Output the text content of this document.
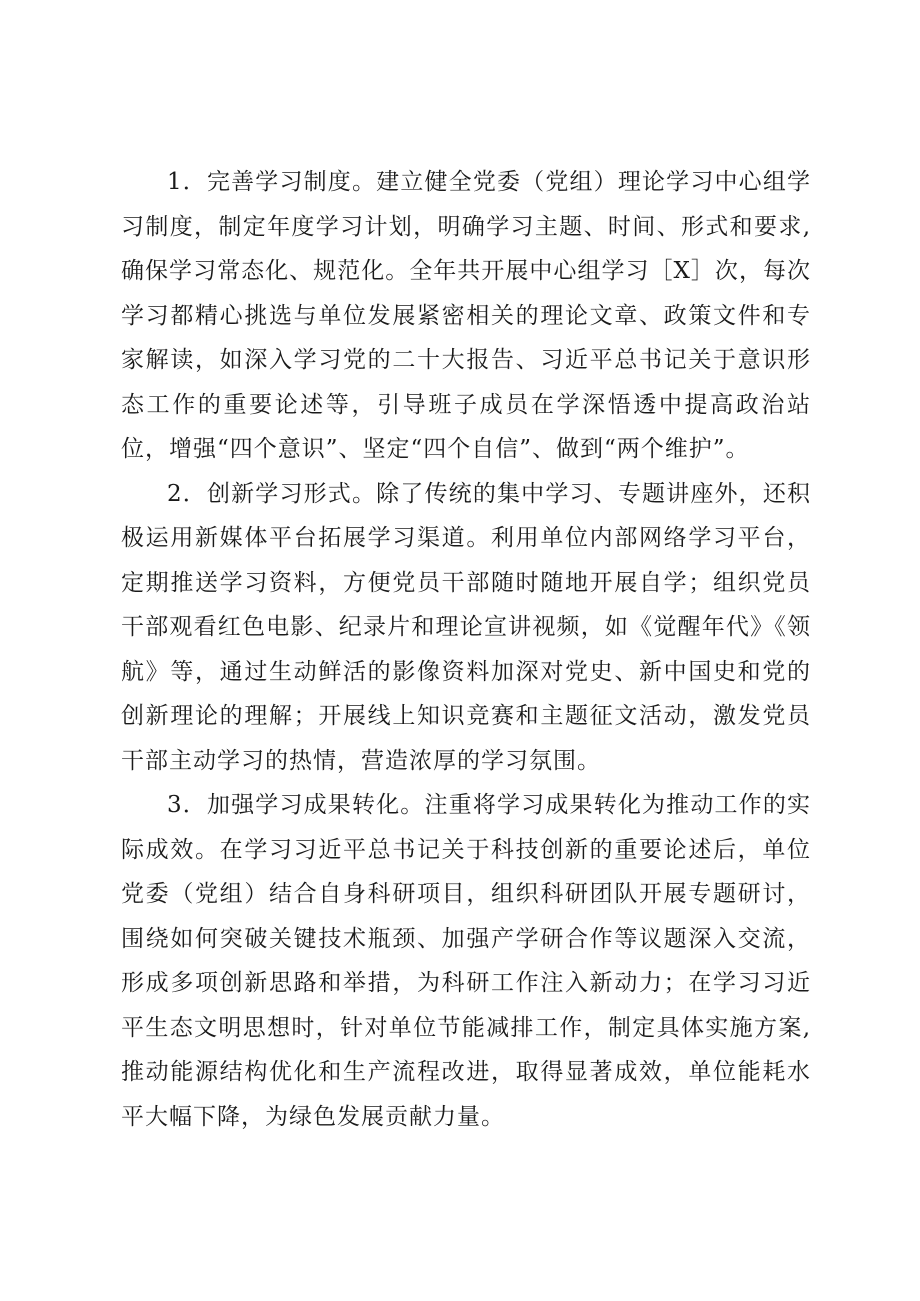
1．完善学习制度。建立健全党委（党组）理论学习中心组学习制度，制定年度学习计划，明确学习主题、时间、形式和要求,确保学习常态化、规范化。全年共开展中心组学习［X］次，每次学习都精心挑选与单位发展紧密相关的理论文章、政策文件和专家解读，如深入学习党的二十大报告、习近平总书记关于意识形态工作的重要论述等，引导班子成员在学深悟透中提高政治站位，增强“四个意识”、坚定“四个自信”、做到“两个维护”。

2．创新学习形式。除了传统的集中学习、专题讲座外，还积极运用新媒体平台拓展学习渠道。利用单位内部网络学习平台，定期推送学习资料，方便党员干部随时随地开展自学；组织党员干部观看红色电影、纪录片和理论宣讲视频，如《觉醒年代》《领航》等，通过生动鲜活的影像资料加深对党史、新中国史和党的创新理论的理解；开展线上知识竞赛和主题征文活动，激发党员干部主动学习的热情，营造浓厚的学习氛围。

3．加强学习成果转化。注重将学习成果转化为推动工作的实际成效。在学习习近平总书记关于科技创新的重要论述后，单位党委（党组）结合自身科研项目，组织科研团队开展专题研讨，围绕如何突破关键技术瓶颈、加强产学研合作等议题深入交流，形成多项创新思路和举措，为科研工作注入新动力；在学习习近平生态文明思想时，针对单位节能减排工作，制定具体实施方案,推动能源结构优化和生产流程改进，取得显著成效，单位能耗水平大幅下降，为绿色发展贡献力量。
